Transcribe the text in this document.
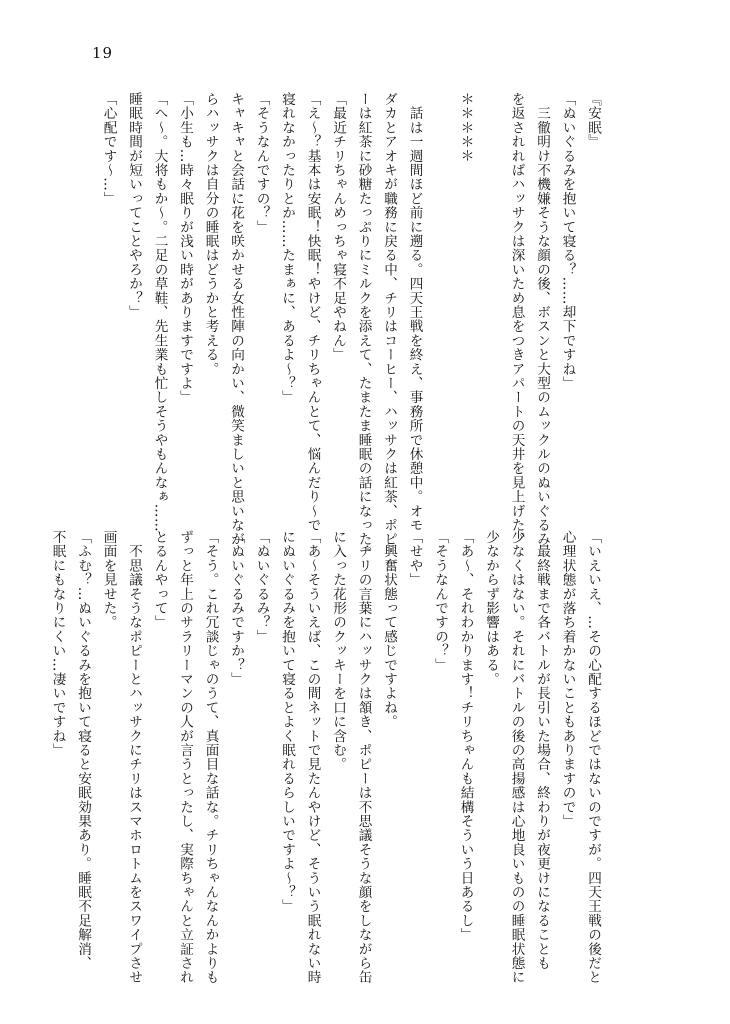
19
『安眠』
「ぬいぐるみを抱いて寝る？……却下ですね」
　三徹明け不機嫌そうな顔の後、ボスンと大型のムックルのぬいぐるみ
を返されればハッサクは深いため息をつきアパートの天井を見上げた。

＊＊＊＊＊

　話は一週間ほど前に遡る。四天王戦を終え、事務所で休憩中。オモ
ダカとアオキが職務に戻る中、チリはコーヒー、ハッサクは紅茶、ポピ
ーは紅茶に砂糖たっぷりにミルクを添えて、たまたま睡眠の話になった。
「最近チリちゃんめっちゃ寝不足やねん」
「え〜？基本は安眠！快眠！やけど、チリちゃんとて、悩んだり〜で
寝れなかったりとか……たまぁに、あるよ〜？」
「そうなんですの？」
キャキャと会話に花を咲かせる女性陣の向かい、微笑ましいと思いなが
らハッサクは自分の睡眠はどうかと考える。
「小生も…時々眠りが浅い時がありますですよ」
「へ〜。大将もか〜。二足の草鞋、先生業も忙しそうやもんなぁ……
睡眠時間が短いってことやろか？」
「心配です〜…」
「いえいえ、…その心配するほどではないのですが。四天王戦の後だと
心理状態が落ち着かないこともありますので」
　最終戦まで各バトルが長引いた場合、終わりが夜更けになることも
少なくはない。それにバトルの後の高揚感は心地良いものの睡眠状態に
少なからず影響はある。
「あ〜、それわかります！チリちゃんも結構そういう日あるし」
「そうなんですの？」
「せや」
　興奮状態って感じですよね。
　チリの言葉にハッサクは頷き、ポピーは不思議そうな顔をしながら缶
に入った花形のクッキーを口に含む。
「あ〜そういえば、この間ネットで見たんやけど、そういう眠れない時
にぬいぐるみを抱いて寝るとよく眠れるらしいですよ〜？」
「ぬいぐるみ？」
「ぬいぐるみですか？」
「そう。これ冗談じゃのうて、真面目な話な。チリちゃんなんかよりも
ずっと年上のサラリーマンの人が言うとったし、実際ちゃんと立証され
とるんやって」
　不思議そうなポピーとハッサクにチリはスマホロトムをスワイプさせ
画面を見せた。
「ふむ？…ぬいぐるみを抱いて寝ると安眠効果あり。睡眠不足解消、
不眠にもなりにくい…凄いですね」
